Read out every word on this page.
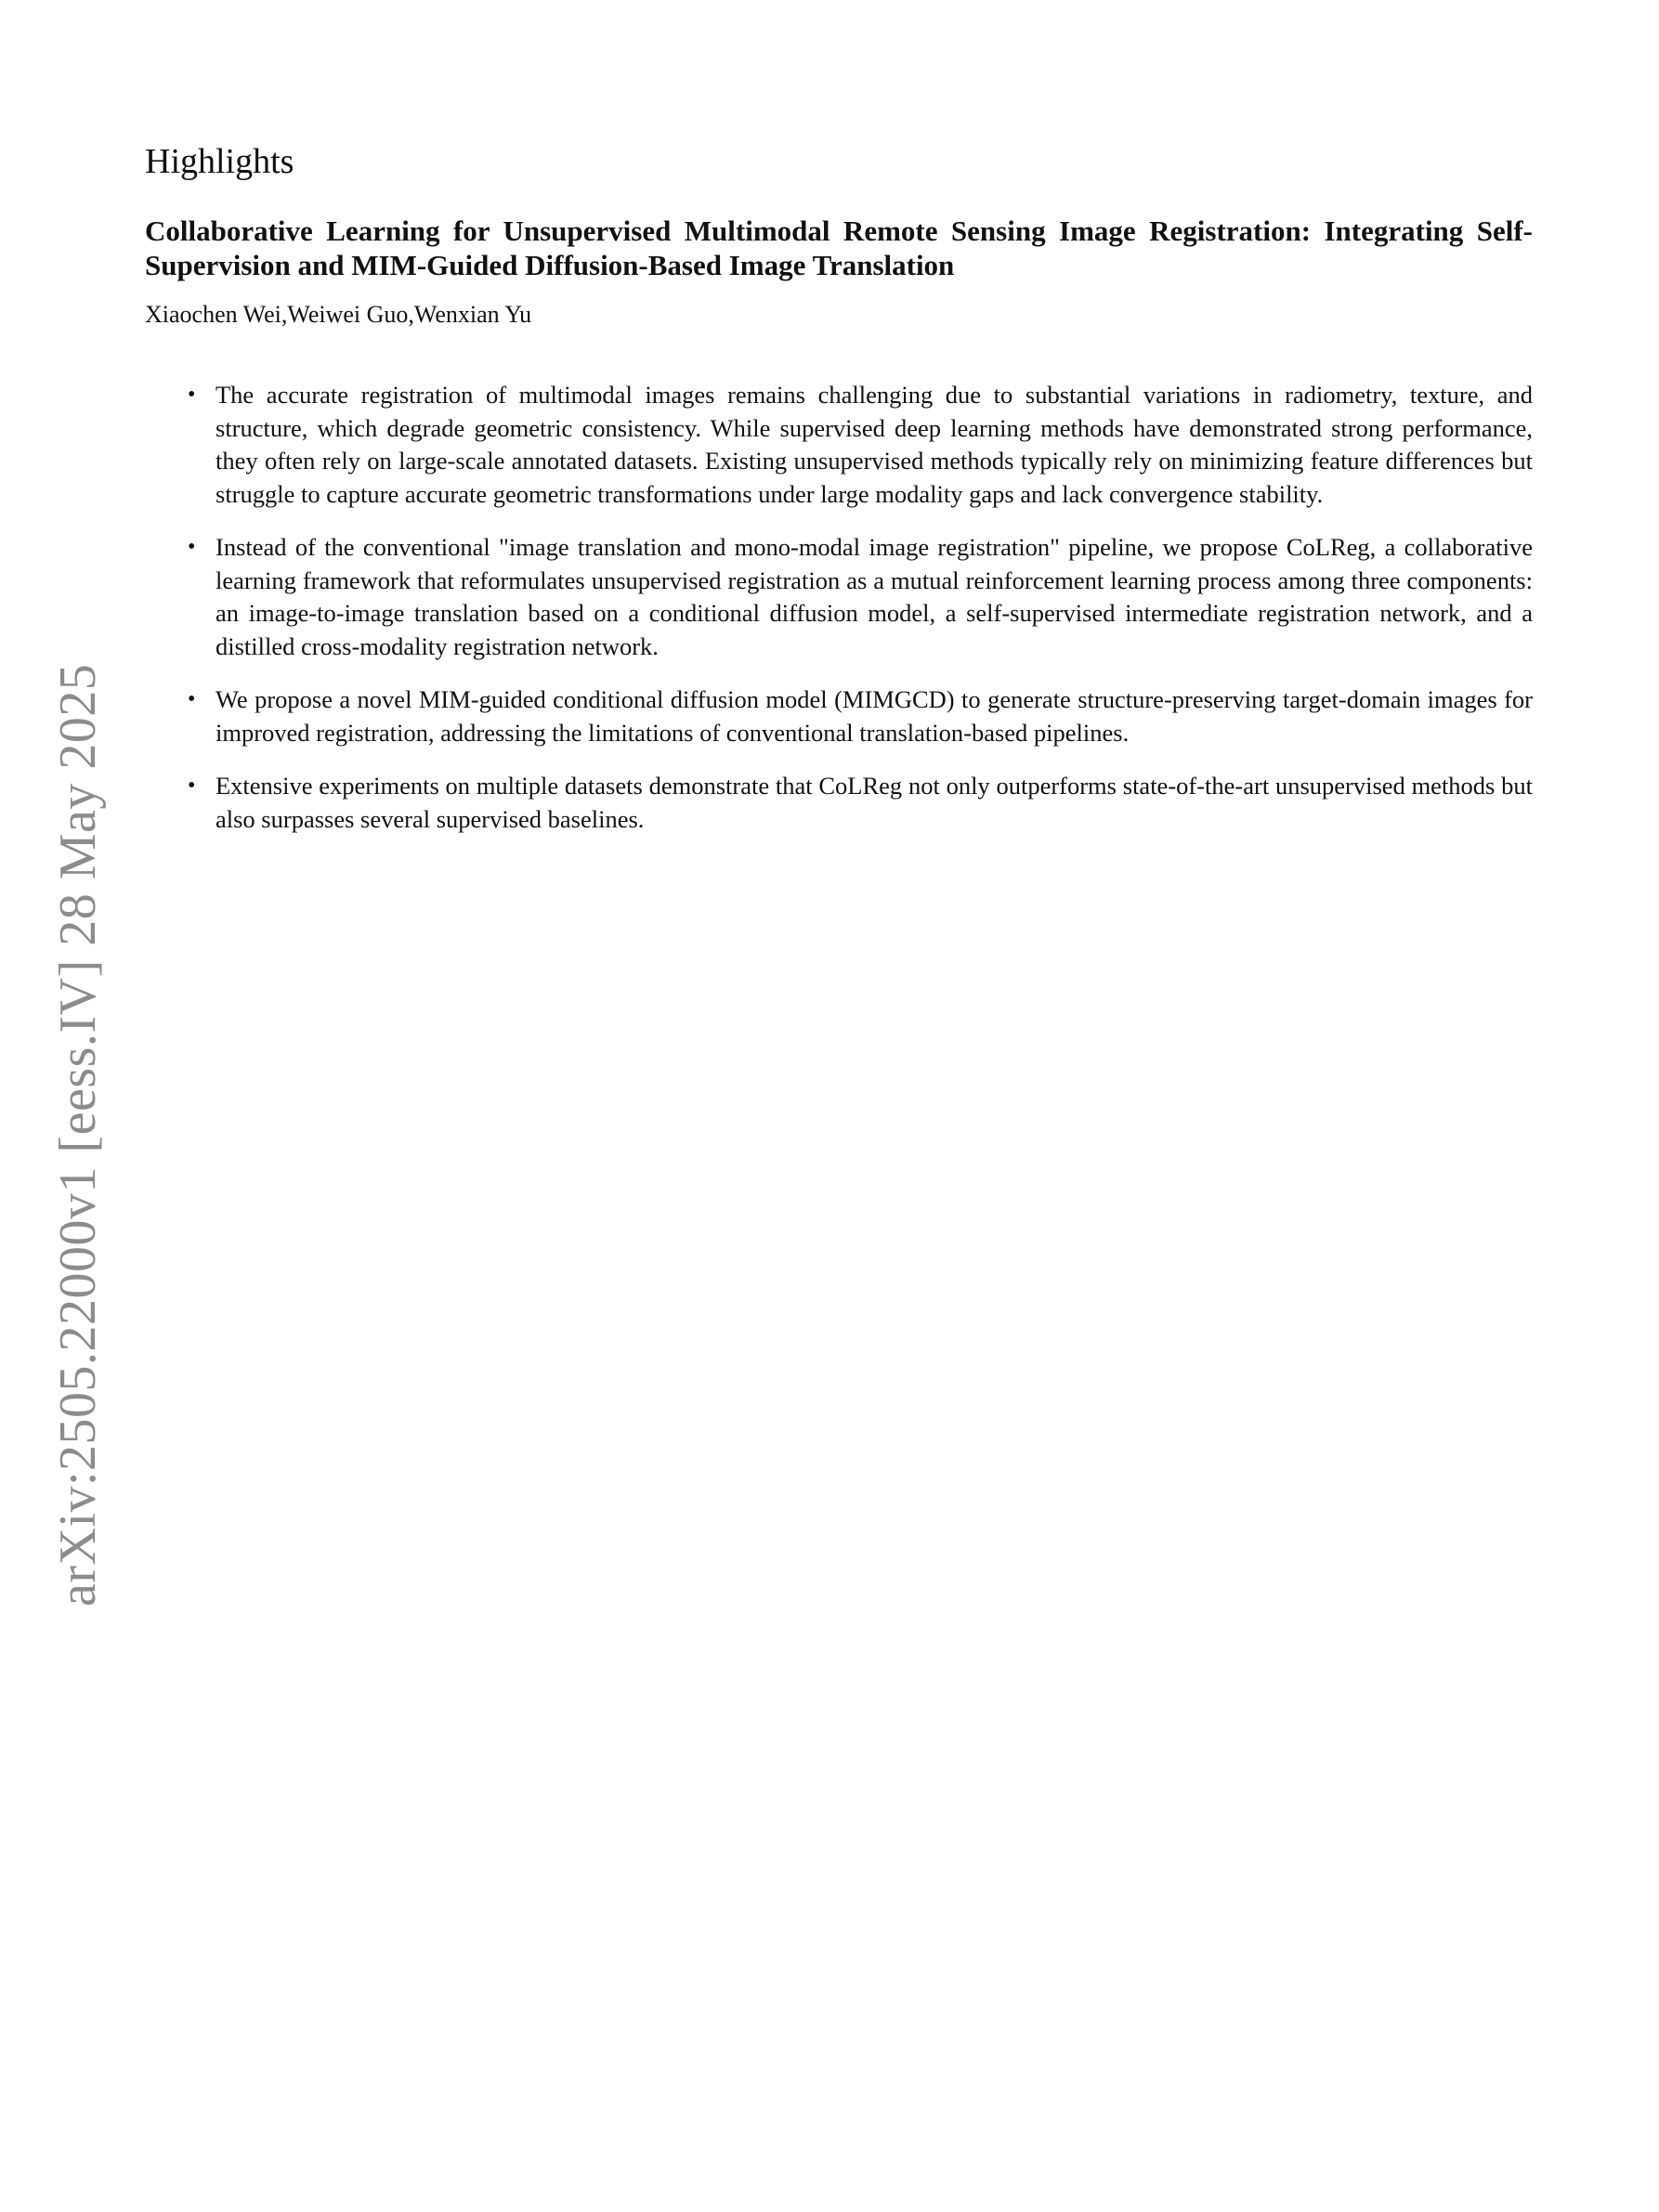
arXiv:2505.22000v1 [eess.IV] 28 May 2025
Highlights
Collaborative Learning for Unsupervised Multimodal Remote Sensing Image Registration: Integrating Self-Supervision and MIM-Guided Diffusion-Based Image Translation
Xiaochen Wei,Weiwei Guo,Wenxian Yu
• The accurate registration of multimodal images remains challenging due to substantial variations in radiometry, texture, and structure, which degrade geometric consistency. While supervised deep learning methods have demonstrated strong performance, they often rely on large-scale annotated datasets. Existing unsupervised methods typically rely on minimizing feature differences but struggle to capture accurate geometric transformations under large modality gaps and lack convergence stability.
• Instead of the conventional "image translation and mono-modal image registration" pipeline, we propose CoLReg, a collaborative learning framework that reformulates unsupervised registration as a mutual reinforcement learning process among three components: an image-to-image translation based on a conditional diffusion model, a self-supervised intermediate registration network, and a distilled cross-modality registration network.
• We propose a novel MIM-guided conditional diffusion model (MIMGCD) to generate structure-preserving target-domain images for improved registration, addressing the limitations of conventional translation-based pipelines.
• Extensive experiments on multiple datasets demonstrate that CoLReg not only outperforms state-of-the-art unsupervised methods but also surpasses several supervised baselines.
